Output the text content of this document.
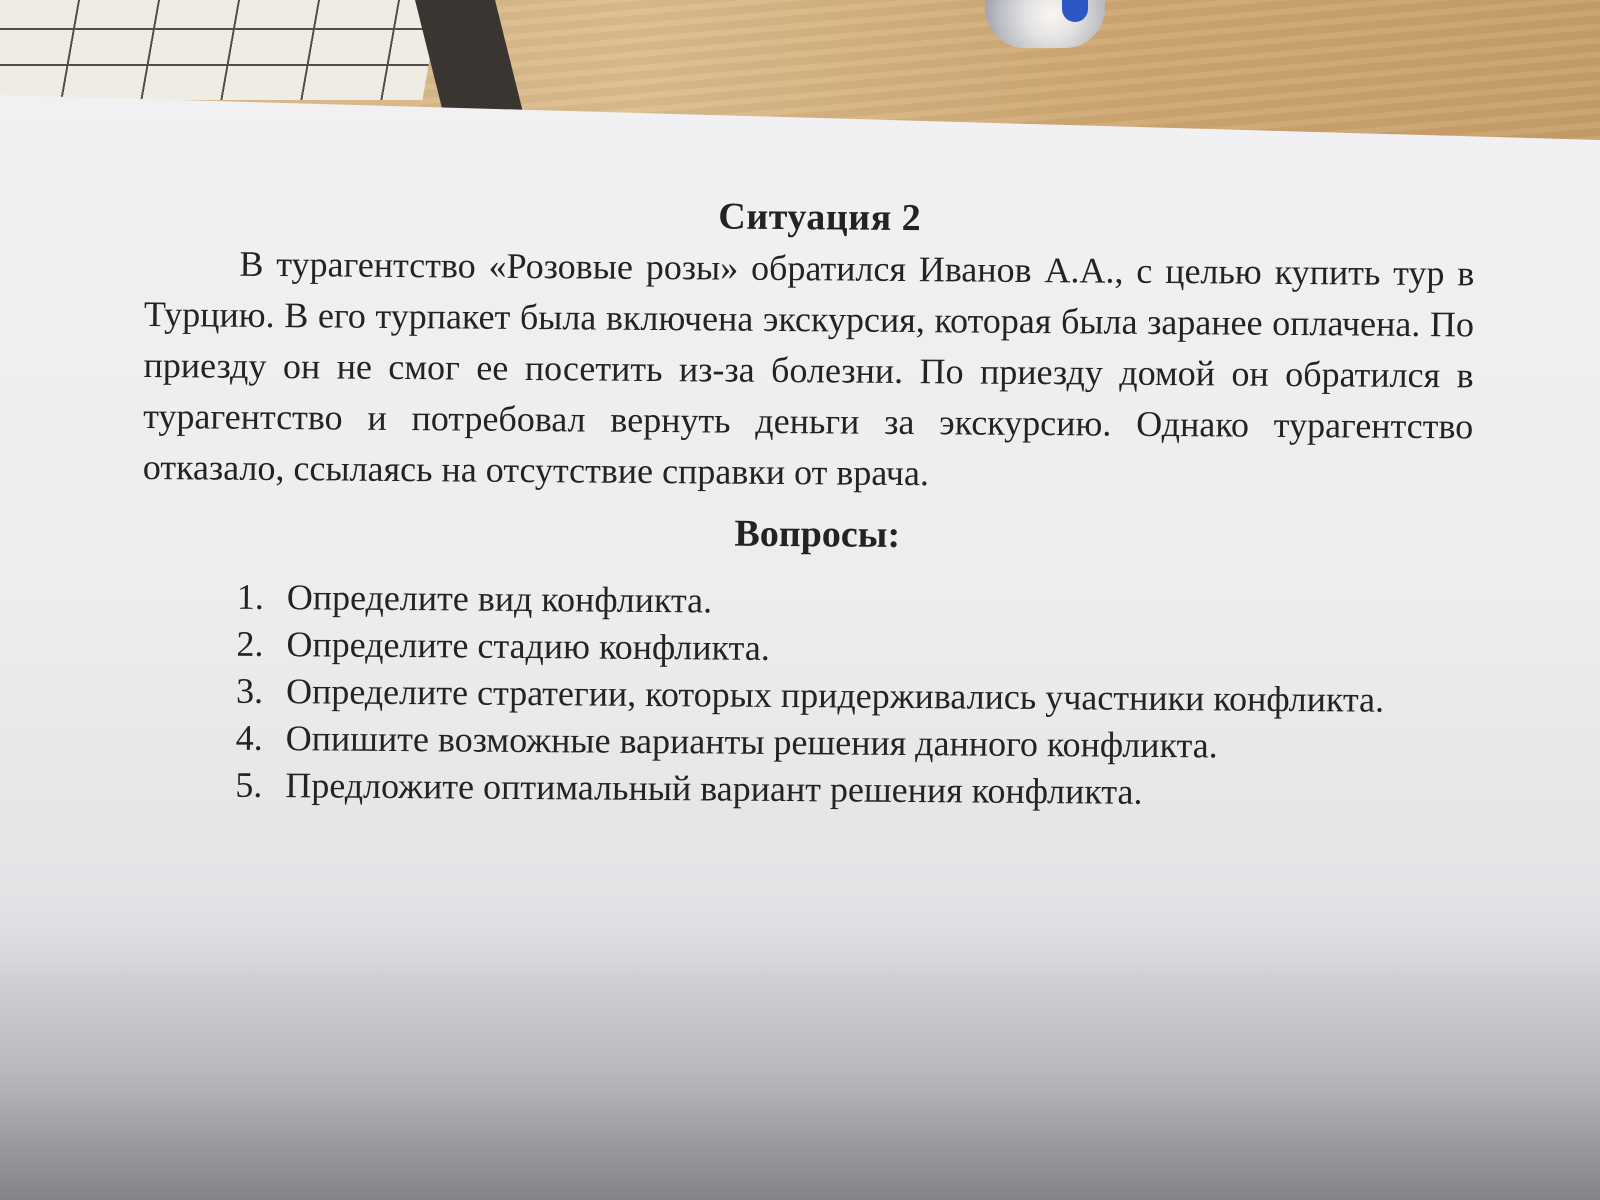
Ситуация 2

В турагентство «Розовые розы» обратился Иванов А.А., с целью купить тур в Турцию. В его турпакет была включена экскурсия, которая была заранее оплачена. По приезду он не смог ее посетить из-за болезни. По приезду домой он обратился в турагентство и потребовал вернуть деньги за экскурсию. Однако турагентство отказало, ссылаясь на отсутствие справки от врача.

Вопросы:
1. Определите вид конфликта.
2. Определите стадию конфликта.
3. Определите стратегии, которых придерживались участники конфликта.
4. Опишите возможные варианты решения данного конфликта.
5. Предложите оптимальный вариант решения конфликта.
